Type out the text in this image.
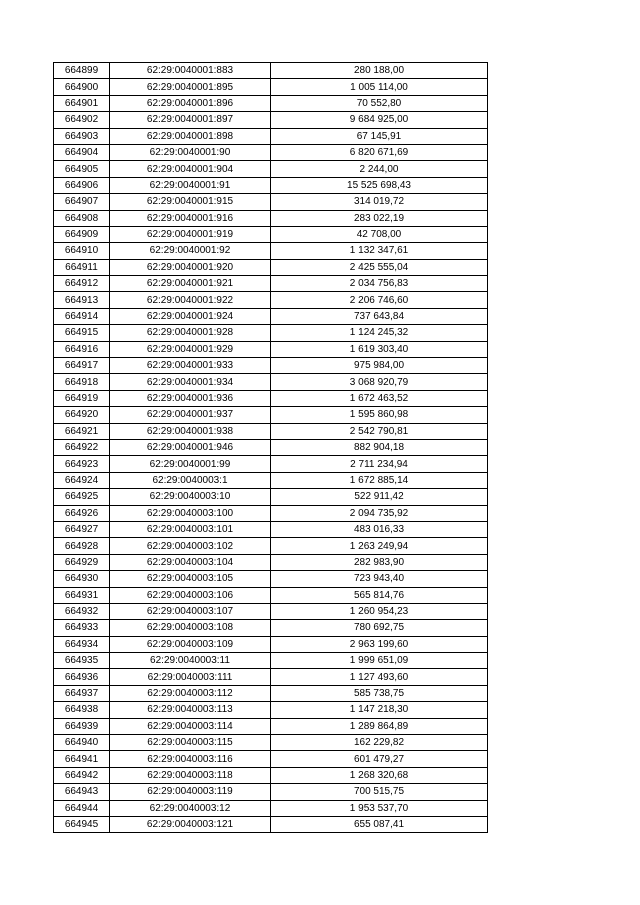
664899	62:29:0040001:883	280 188,00
664900	62:29:0040001:895	1 005 114,00
664901	62:29:0040001:896	70 552,80
664902	62:29:0040001:897	9 684 925,00
664903	62:29:0040001:898	67 145,91
664904	62:29:0040001:90	6 820 671,69
664905	62:29:0040001:904	2 244,00
664906	62:29:0040001:91	15 525 698,43
664907	62:29:0040001:915	314 019,72
664908	62:29:0040001:916	283 022,19
664909	62:29:0040001:919	42 708,00
664910	62:29:0040001:92	1 132 347,61
664911	62:29:0040001:920	2 425 555,04
664912	62:29:0040001:921	2 034 756,83
664913	62:29:0040001:922	2 206 746,60
664914	62:29:0040001:924	737 643,84
664915	62:29:0040001:928	1 124 245,32
664916	62:29:0040001:929	1 619 303,40
664917	62:29:0040001:933	975 984,00
664918	62:29:0040001:934	3 068 920,79
664919	62:29:0040001:936	1 672 463,52
664920	62:29:0040001:937	1 595 860,98
664921	62:29:0040001:938	2 542 790,81
664922	62:29:0040001:946	882 904,18
664923	62:29:0040001:99	2 711 234,94
664924	62:29:0040003:1	1 672 885,14
664925	62:29:0040003:10	522 911,42
664926	62:29:0040003:100	2 094 735,92
664927	62:29:0040003:101	483 016,33
664928	62:29:0040003:102	1 263 249,94
664929	62:29:0040003:104	282 983,90
664930	62:29:0040003:105	723 943,40
664931	62:29:0040003:106	565 814,76
664932	62:29:0040003:107	1 260 954,23
664933	62:29:0040003:108	780 692,75
664934	62:29:0040003:109	2 963 199,60
664935	62:29:0040003:11	1 999 651,09
664936	62:29:0040003:111	1 127 493,60
664937	62:29:0040003:112	585 738,75
664938	62:29:0040003:113	1 147 218,30
664939	62:29:0040003:114	1 289 864,89
664940	62:29:0040003:115	162 229,82
664941	62:29:0040003:116	601 479,27
664942	62:29:0040003:118	1 268 320,68
664943	62:29:0040003:119	700 515,75
664944	62:29:0040003:12	1 953 537,70
664945	62:29:0040003:121	655 087,41
